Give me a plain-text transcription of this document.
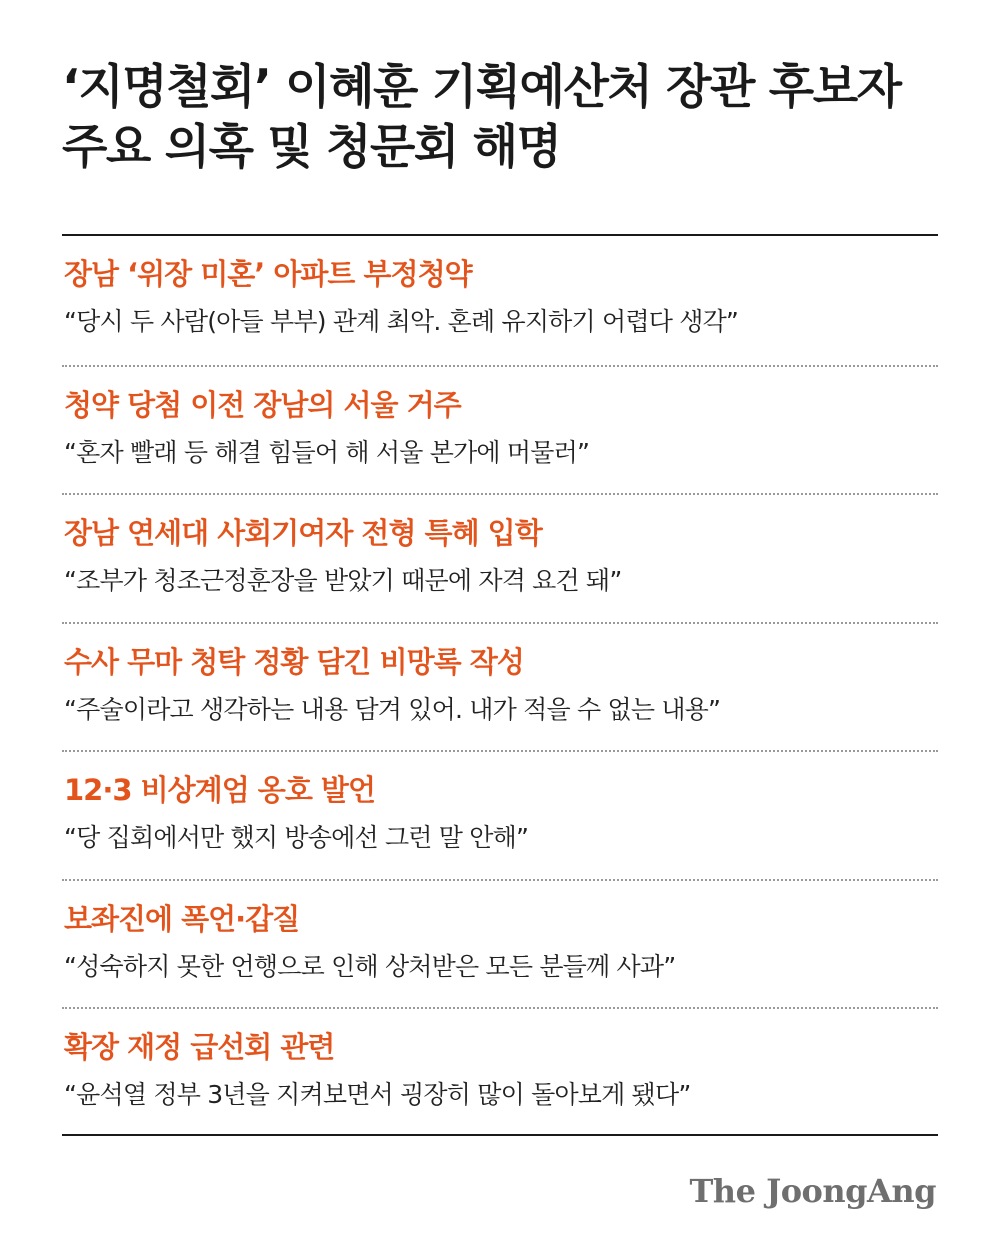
‘지명철회’ 이혜훈 기획예산처 장관 후보자
주요 의혹 및 청문회 해명
장남 ‘위장 미혼’ 아파트 부정청약
“당시 두 사람(아들 부부) 관계 최악. 혼례 유지하기 어렵다 생각”
청약 당첨 이전 장남의 서울 거주
“혼자 빨래 등 해결 힘들어 해 서울 본가에 머물러”
장남 연세대 사회기여자 전형 특혜 입학
“조부가 청조근정훈장을 받았기 때문에 자격 요건 돼”
수사 무마 청탁 정황 담긴 비망록 작성
“주술이라고 생각하는 내용 담겨 있어. 내가 적을 수 없는 내용”
12·3 비상계엄 옹호 발언
“당 집회에서만 했지 방송에선 그런 말 안해”
보좌진에 폭언·갑질
“성숙하지 못한 언행으로 인해 상처받은 모든 분들께 사과”
확장 재정 급선회 관련
“윤석열 정부 3년을 지켜보면서 굉장히 많이 돌아보게 됐다”
The JoongAng
